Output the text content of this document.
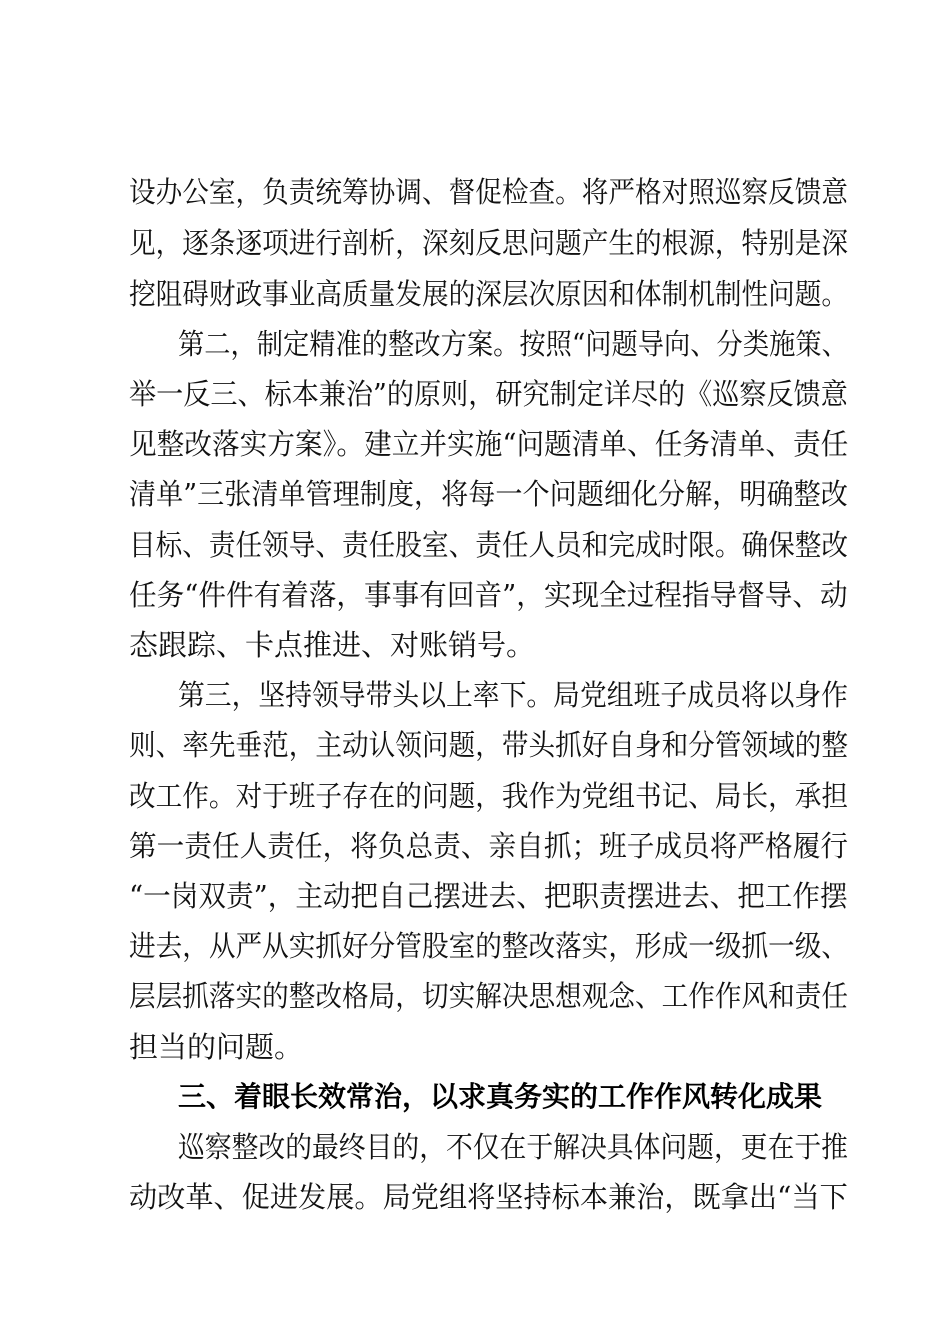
设办公室，负责统筹协调、督促检查。将严格对照巡察反馈意

见，逐条逐项进行剖析，深刻反思问题产生的根源，特别是深

挖阻碍财政事业高质量发展的深层次原因和体制机制性问题。

第二，制定精准的整改方案。按照“问题导向、分类施策、

举一反三、标本兼治”的原则，研究制定详尽的《巡察反馈意

见整改落实方案》。建立并实施“问题清单、任务清单、责任

清单”三张清单管理制度，将每一个问题细化分解，明确整改

目标、责任领导、责任股室、责任人员和完成时限。确保整改

任务“件件有着落，事事有回音”，实现全过程指导督导、动

态跟踪、卡点推进、对账销号。

第三，坚持领导带头以上率下。局党组班子成员将以身作

则、率先垂范，主动认领问题，带头抓好自身和分管领域的整

改工作。对于班子存在的问题，我作为党组书记、局长，承担

第一责任人责任，将负总责、亲自抓；班子成员将严格履行

“一岗双责”，主动把自己摆进去、把职责摆进去、把工作摆

进去，从严从实抓好分管股室的整改落实，形成一级抓一级、

层层抓落实的整改格局，切实解决思想观念、工作作风和责任

担当的问题。

三、着眼长效常治，以求真务实的工作作风转化成果

巡察整改的最终目的，不仅在于解决具体问题，更在于推

动改革、促进发展。局党组将坚持标本兼治，既拿出“当下
